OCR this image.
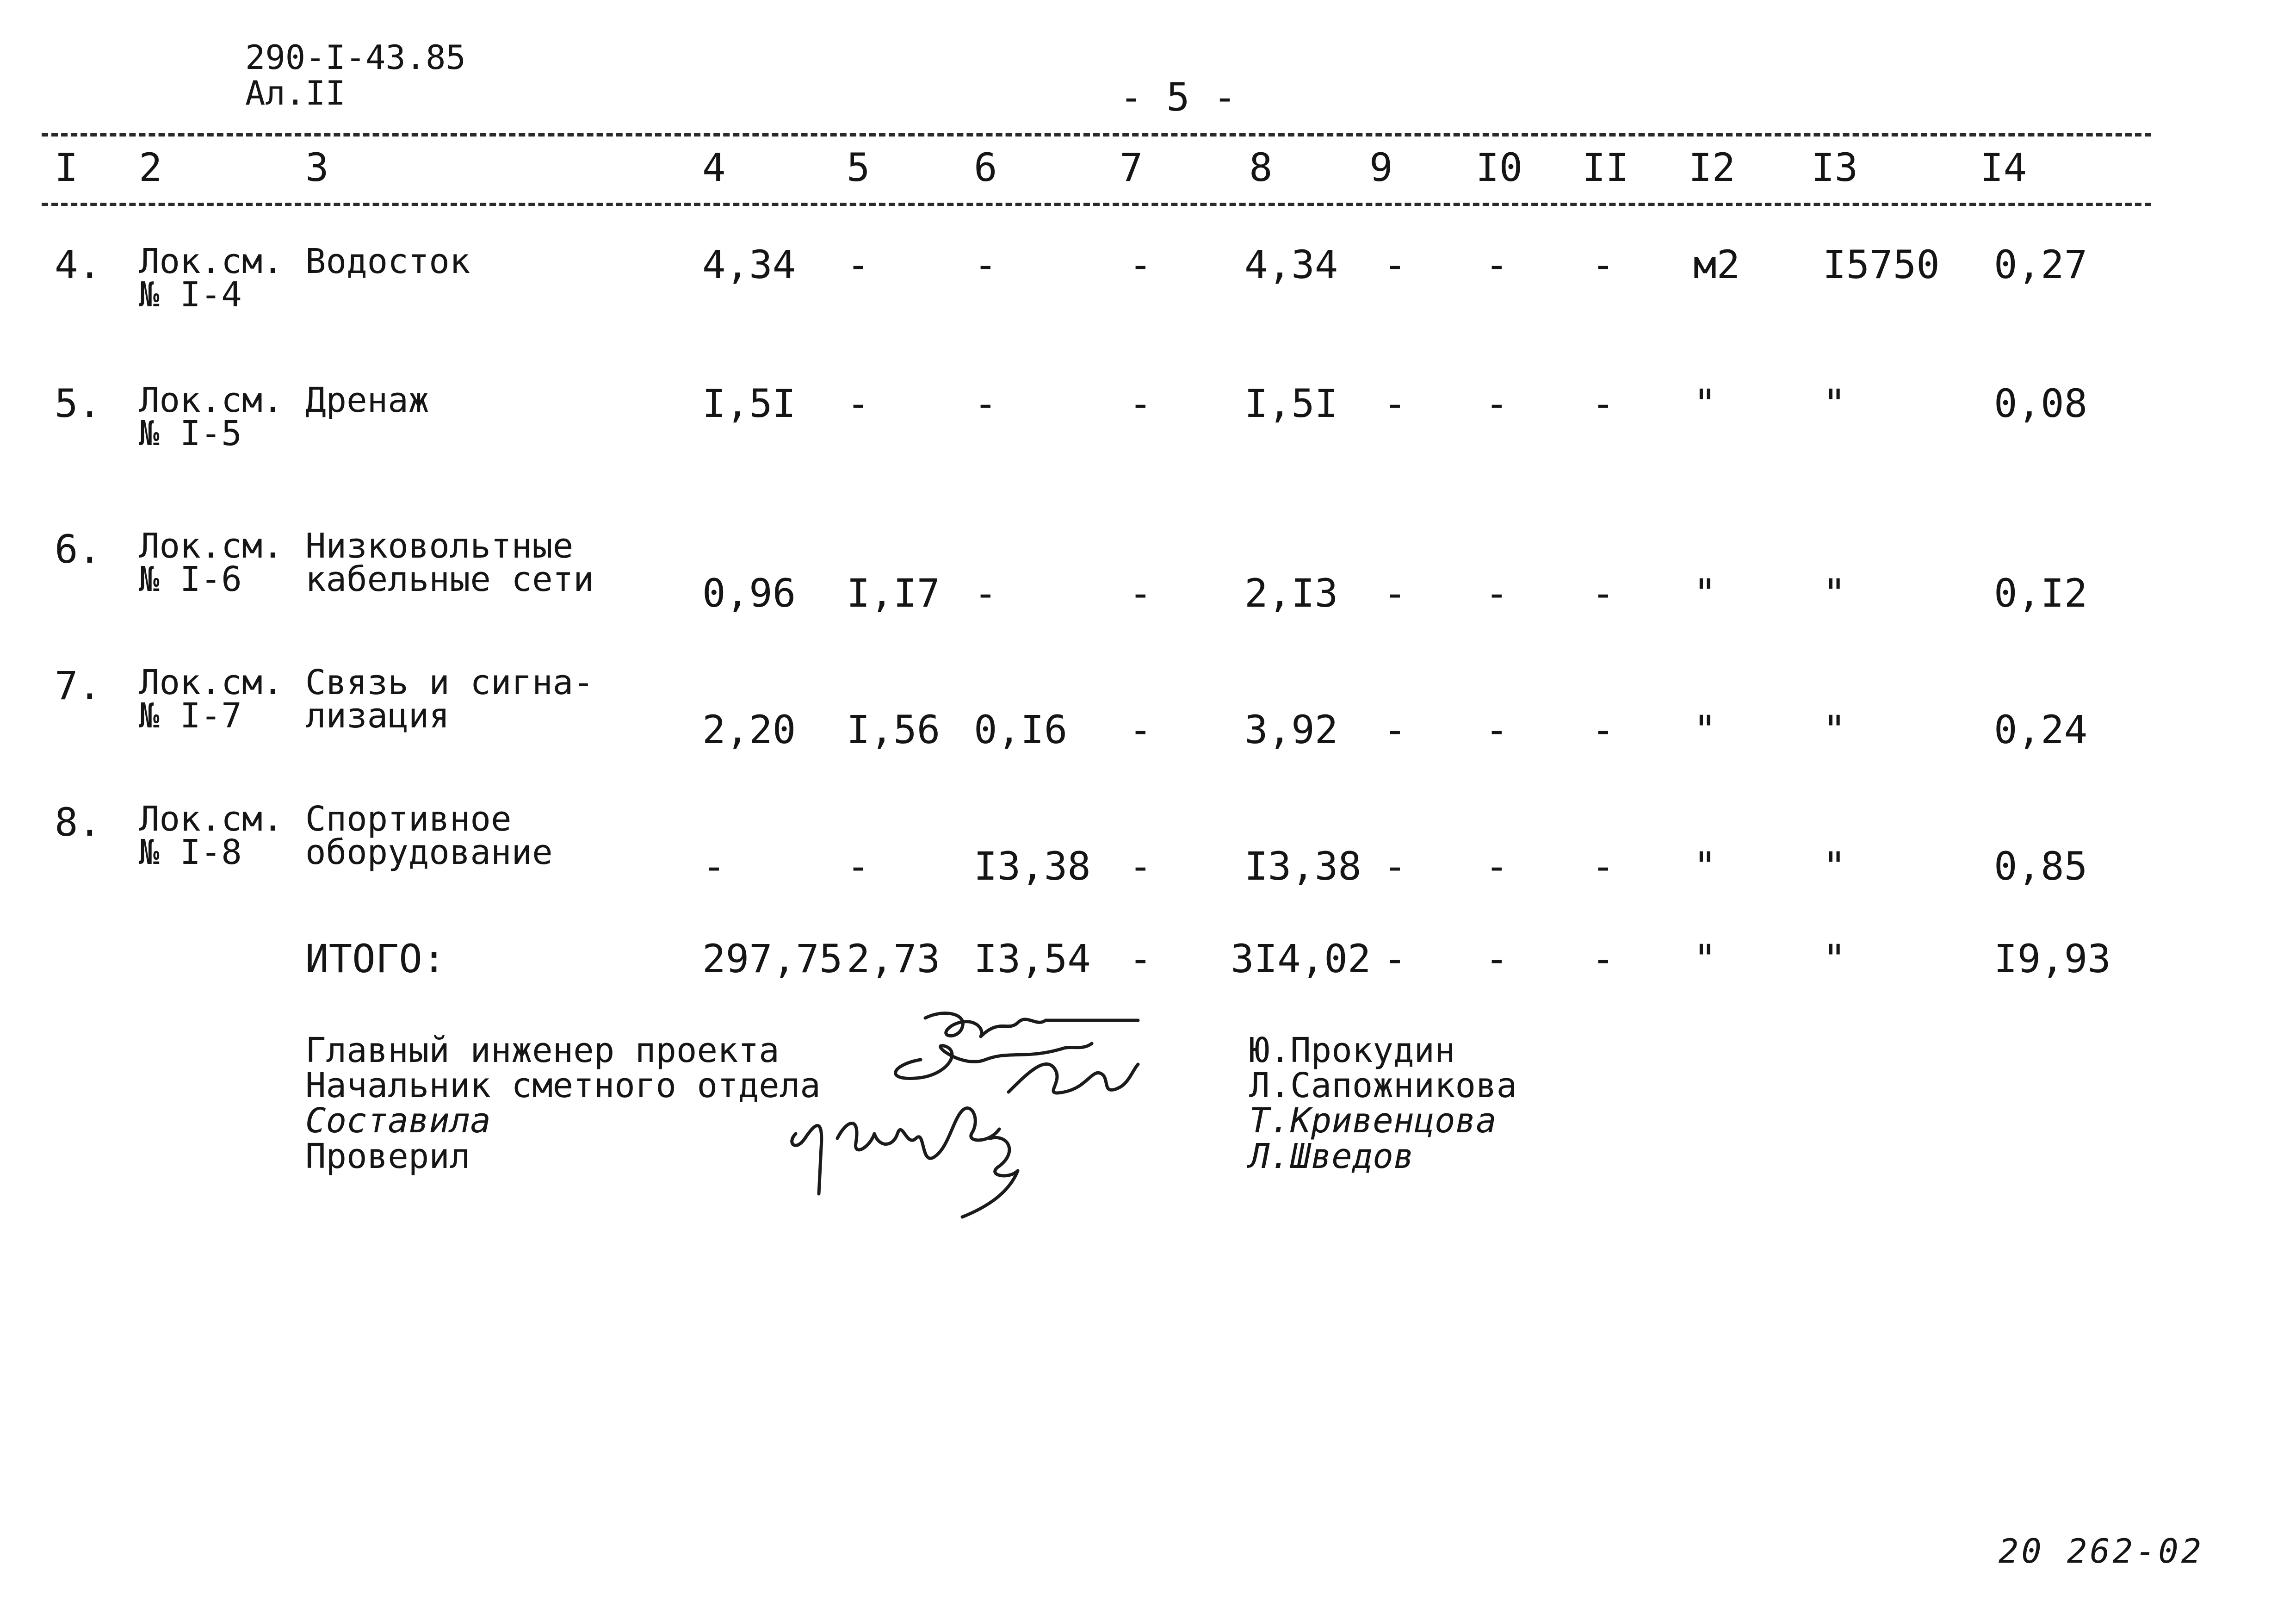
290-I-43.85
Ал.II	- 5 -
I 2	3	4	5	6	7	8 9 I0 II I2 I3	I4
4. Лок.см.
№ I-4
Водосток	4,34 -	-	- 4,34 - - - м2 I5750 0,27
5. Лок.см.
№ I-5
Дренаж	I,5I -	-	- I,5I - - - "	"	0,08
6. Лок.см.
№ I-6
Низковольтные
кабельные сети	0,96 I,I7 -	- 2,I3 - - - "	"	0,I2
7. Лок.см.
№ I-7
Связь и сигна-
лизация	2,20 I,56 0,I6 - 3,92 - - - "	"	0,24
8. Лок.см.
№ I-8
Спортивное
оборудование	-	-	I3,38 - I3,38 - - - "	"	0,85
ИТОГО:	297,75 2,73 I3,54 - 3I4,02 - - - "	"	I9,93
Главный инженер проекта
Начальник сметного отдела
Составила
Проверил
Ю.Прокудин
Л.Сапожникова
Т.Кривенцова
Л.Шведов
20 262-02
